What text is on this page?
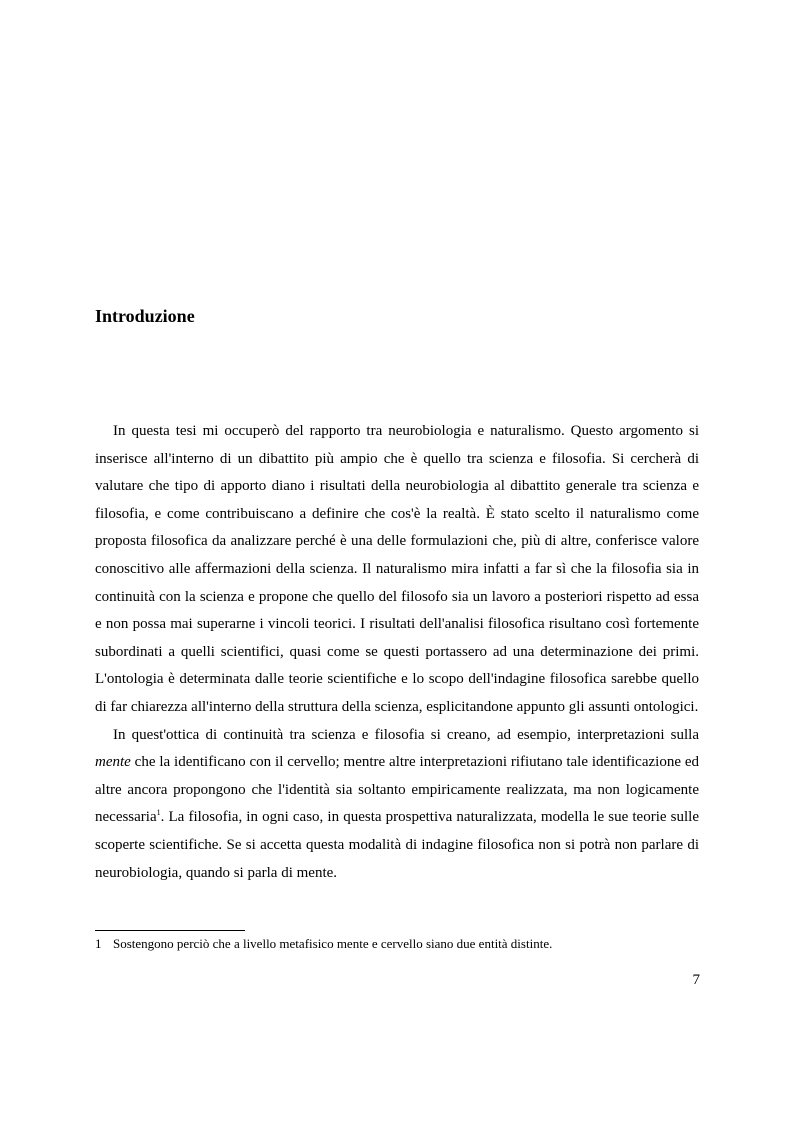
Introduzione

In questa tesi mi occuperò del rapporto tra neurobiologia e naturalismo. Questo argomento si inserisce all'interno di un dibattito più ampio che è quello tra scienza e filosofia. Si cercherà di valutare che tipo di apporto diano i risultati della neurobiologia al dibattito generale tra scienza e filosofia, e come contribuiscano a definire che cos'è la realtà. È stato scelto il naturalismo come proposta filosofica da analizzare perché è una delle formulazioni che, più di altre, conferisce valore conoscitivo alle affermazioni della scienza. Il naturalismo mira infatti a far sì che la filosofia sia in continuità con la scienza e propone che quello del filosofo sia un lavoro a posteriori rispetto ad essa e non possa mai superarne i vincoli teorici. I risultati dell'analisi filosofica risultano così fortemente subordinati a quelli scientifici, quasi come se questi portassero ad una determinazione dei primi. L'ontologia è determinata dalle teorie scientifiche e lo scopo dell'indagine filosofica sarebbe quello di far chiarezza all'interno della struttura della scienza, esplicitandone appunto gli assunti ontologici.

In quest'ottica di continuità tra scienza e filosofia si creano, ad esempio, interpretazioni sulla mente che la identificano con il cervello; mentre altre interpretazioni rifiutano tale identificazione ed altre ancora propongono che l'identità sia soltanto empiricamente realizzata, ma non logicamente necessaria$^1$. La filosofia, in ogni caso, in questa prospettiva naturalizzata, modella le sue teorie sulle scoperte scientifiche. Se si accetta questa modalità di indagine filosofica non si potrà non parlare di neurobiologia, quando si parla di mente.

1 Sostengono perciò che a livello metafisico mente e cervello siano due entità distinte.

7
